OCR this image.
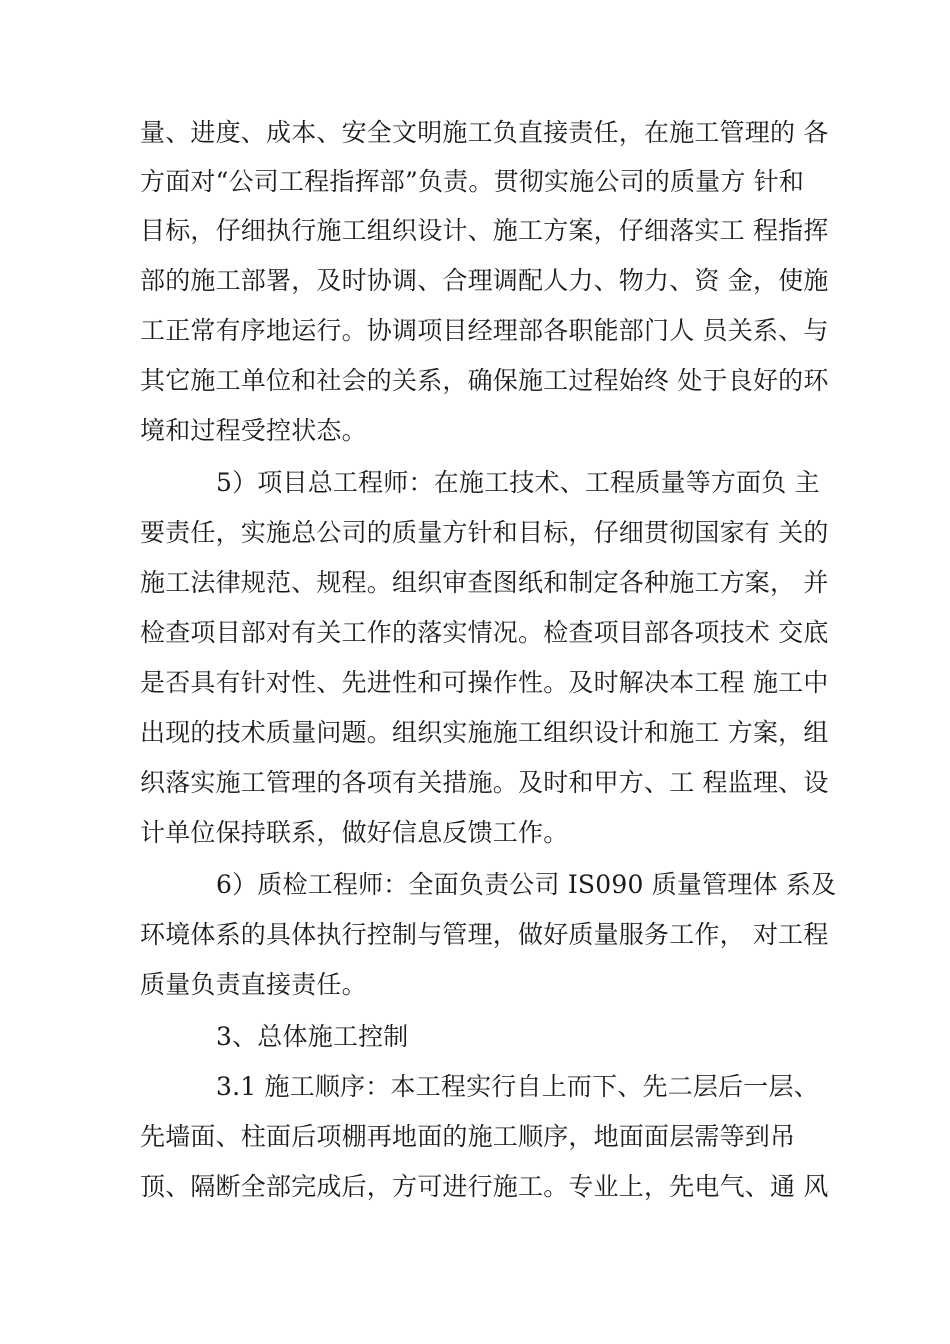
量、进度、成本、安全文明施工负直接责任，在施工管理的 各
方面对“公司工程指挥部”负责。贯彻实施公司的质量方 针和
目标，仔细执行施工组织设计、施工方案，仔细落实工 程指挥
部的施工部署，及时协调、合理调配人力、物力、资 金，使施
工正常有序地运行。协调项目经理部各职能部门人 员关系、与
其它施工单位和社会的关系，确保施工过程始终 处于良好的环
境和过程受控状态。
5）项目总工程师：在施工技术、工程质量等方面负 主
要责任，实施总公司的质量方针和目标，仔细贯彻国家有 关的
施工法律规范、规程。组织审查图纸和制定各种施工方案， 并
检查项目部对有关工作的落实情况。检查项目部各项技术 交底
是否具有针对性、先进性和可操作性。及时解决本工程 施工中
出现的技术质量问题。组织实施施工组织设计和施工 方案，组
织落实施工管理的各项有关措施。及时和甲方、工 程监理、设
计单位保持联系，做好信息反馈工作。
6）质检工程师：全面负责公司 IS090 质量管理体 系及
环境体系的具体执行控制与管理，做好质量服务工作， 对工程
质量负责直接责任。
3、总体施工控制
3.1 施工顺序：本工程实行自上而下、先二层后一层、
先墙面、柱面后项棚再地面的施工顺序，地面面层需等到吊
顶、隔断全部完成后，方可进行施工。专业上，先电气、通 风
